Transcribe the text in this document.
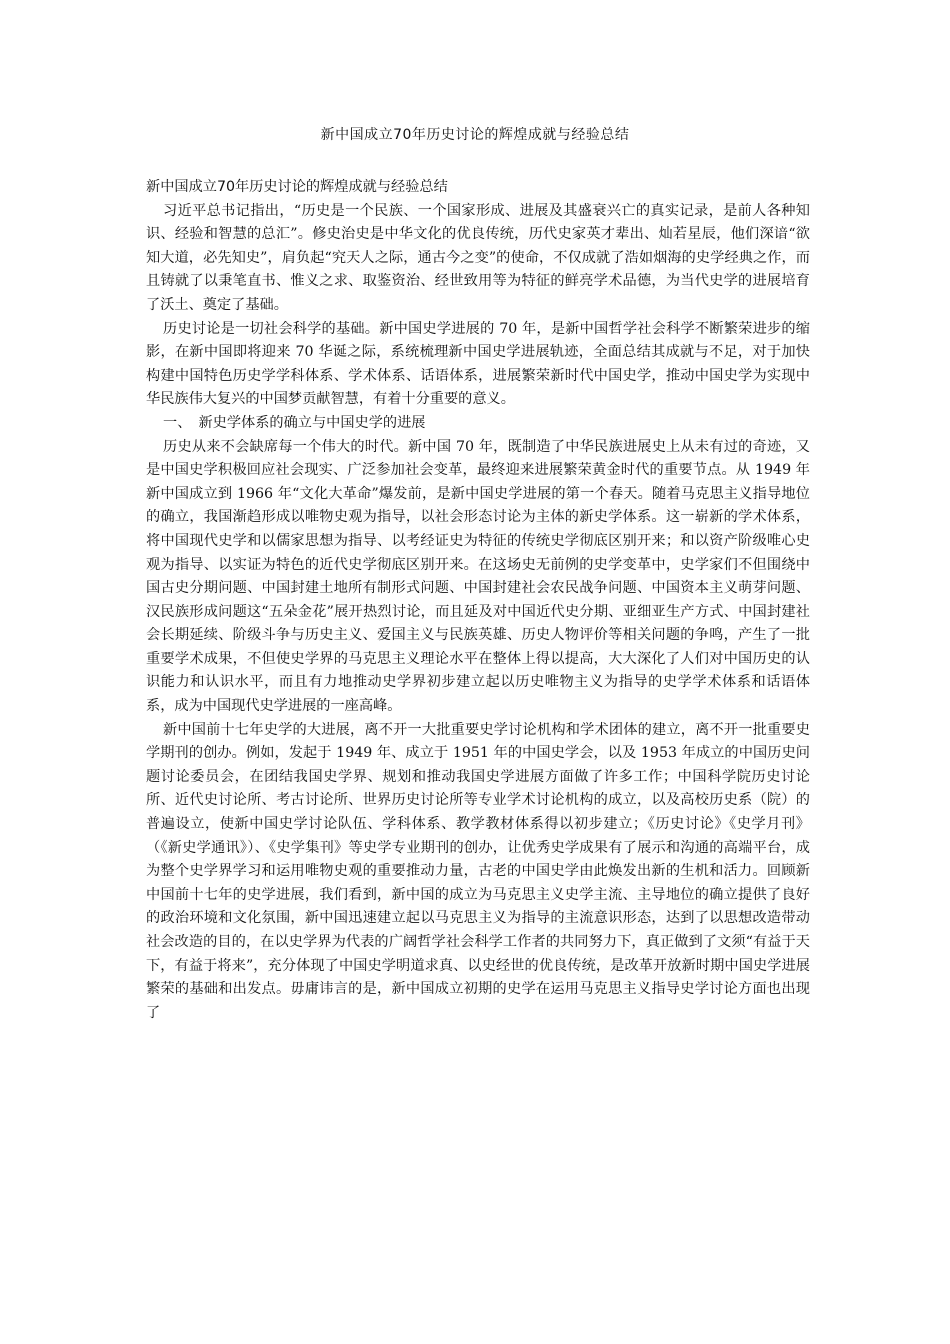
新中国成立70年历史讨论的辉煌成就与经验总结

新中国成立70年历史讨论的辉煌成就与经验总结

习近平总书记指出，“历史是一个民族、一个国家形成、进展及其盛衰兴亡的真实记录，是前人各种知识、经验和智慧的总汇”。修史治史是中华文化的优良传统，历代史家英才辈出、灿若星辰，他们深谙“欲知大道，必先知史”，肩负起“究天人之际，通古今之变”的使命，不仅成就了浩如烟海的史学经典之作，而且铸就了以秉笔直书、惟义之求、取鉴资治、经世致用等为特征的鲜亮学术品德，为当代史学的进展培育了沃土、奠定了基础。

历史讨论是一切社会科学的基础。新中国史学进展的 70 年，是新中国哲学社会科学不断繁荣进步的缩影，在新中国即将迎来 70 华诞之际，系统梳理新中国史学进展轨迹，全面总结其成就与不足，对于加快构建中国特色历史学学科体系、学术体系、话语体系，进展繁荣新时代中国史学，推动中国史学为实现中华民族伟大复兴的中国梦贡献智慧，有着十分重要的意义。

一、　新史学体系的确立与中国史学的进展

历史从来不会缺席每一个伟大的时代。新中国 70 年，既制造了中华民族进展史上从未有过的奇迹，又是中国史学积极回应社会现实、广泛参加社会变革，最终迎来进展繁荣黄金时代的重要节点。从 1949 年新中国成立到 1966 年“文化大革命”爆发前，是新中国史学进展的第一个春天。随着马克思主义指导地位的确立，我国渐趋形成以唯物史观为指导，以社会形态讨论为主体的新史学体系。这一崭新的学术体系，将中国现代史学和以儒家思想为指导、以考经证史为特征的传统史学彻底区别开来；和以资产阶级唯心史观为指导、以实证为特色的近代史学彻底区别开来。在这场史无前例的史学变革中，史学家们不但围绕中国古史分期问题、中国封建土地所有制形式问题、中国封建社会农民战争问题、中国资本主义萌芽问题、汉民族形成问题这“五朵金花”展开热烈讨论，而且延及对中国近代史分期、亚细亚生产方式、中国封建社会长期延续、阶级斗争与历史主义、爱国主义与民族英雄、历史人物评价等相关问题的争鸣，产生了一批重要学术成果，不但使史学界的马克思主义理论水平在整体上得以提高，大大深化了人们对中国历史的认识能力和认识水平，而且有力地推动史学界初步建立起以历史唯物主义为指导的史学学术体系和话语体系，成为中国现代史学进展的一座高峰。

新中国前十七年史学的大进展，离不开一大批重要史学讨论机构和学术团体的建立，离不开一批重要史学期刊的创办。例如，发起于 1949 年、成立于 1951 年的中国史学会，以及 1953 年成立的中国历史问题讨论委员会，在团结我国史学界、规划和推动我国史学进展方面做了许多工作；中国科学院历史讨论所、近代史讨论所、考古讨论所、世界历史讨论所等专业学术讨论机构的成立，以及高校历史系（院）的普遍设立，使新中国史学讨论队伍、学科体系、教学教材体系得以初步建立；《历史讨论》《史学月刊》（《新史学通讯》）、《史学集刊》等史学专业期刊的创办，让优秀史学成果有了展示和沟通的高端平台，成为整个史学界学习和运用唯物史观的重要推动力量，古老的中国史学由此焕发出新的生机和活力。回顾新中国前十七年的史学进展，我们看到，新中国的成立为马克思主义史学主流、主导地位的确立提供了良好的政治环境和文化氛围，新中国迅速建立起以马克思主义为指导的主流意识形态，达到了以思想改造带动社会改造的目的，在以史学界为代表的广阔哲学社会科学工作者的共同努力下，真正做到了文须“有益于天下，有益于将来”，充分体现了中国史学明道求真、以史经世的优良传统，是改革开放新时期中国史学进展繁荣的基础和出发点。毋庸讳言的是，新中国成立初期的史学在运用马克思主义指导史学讨论方面也出现了
